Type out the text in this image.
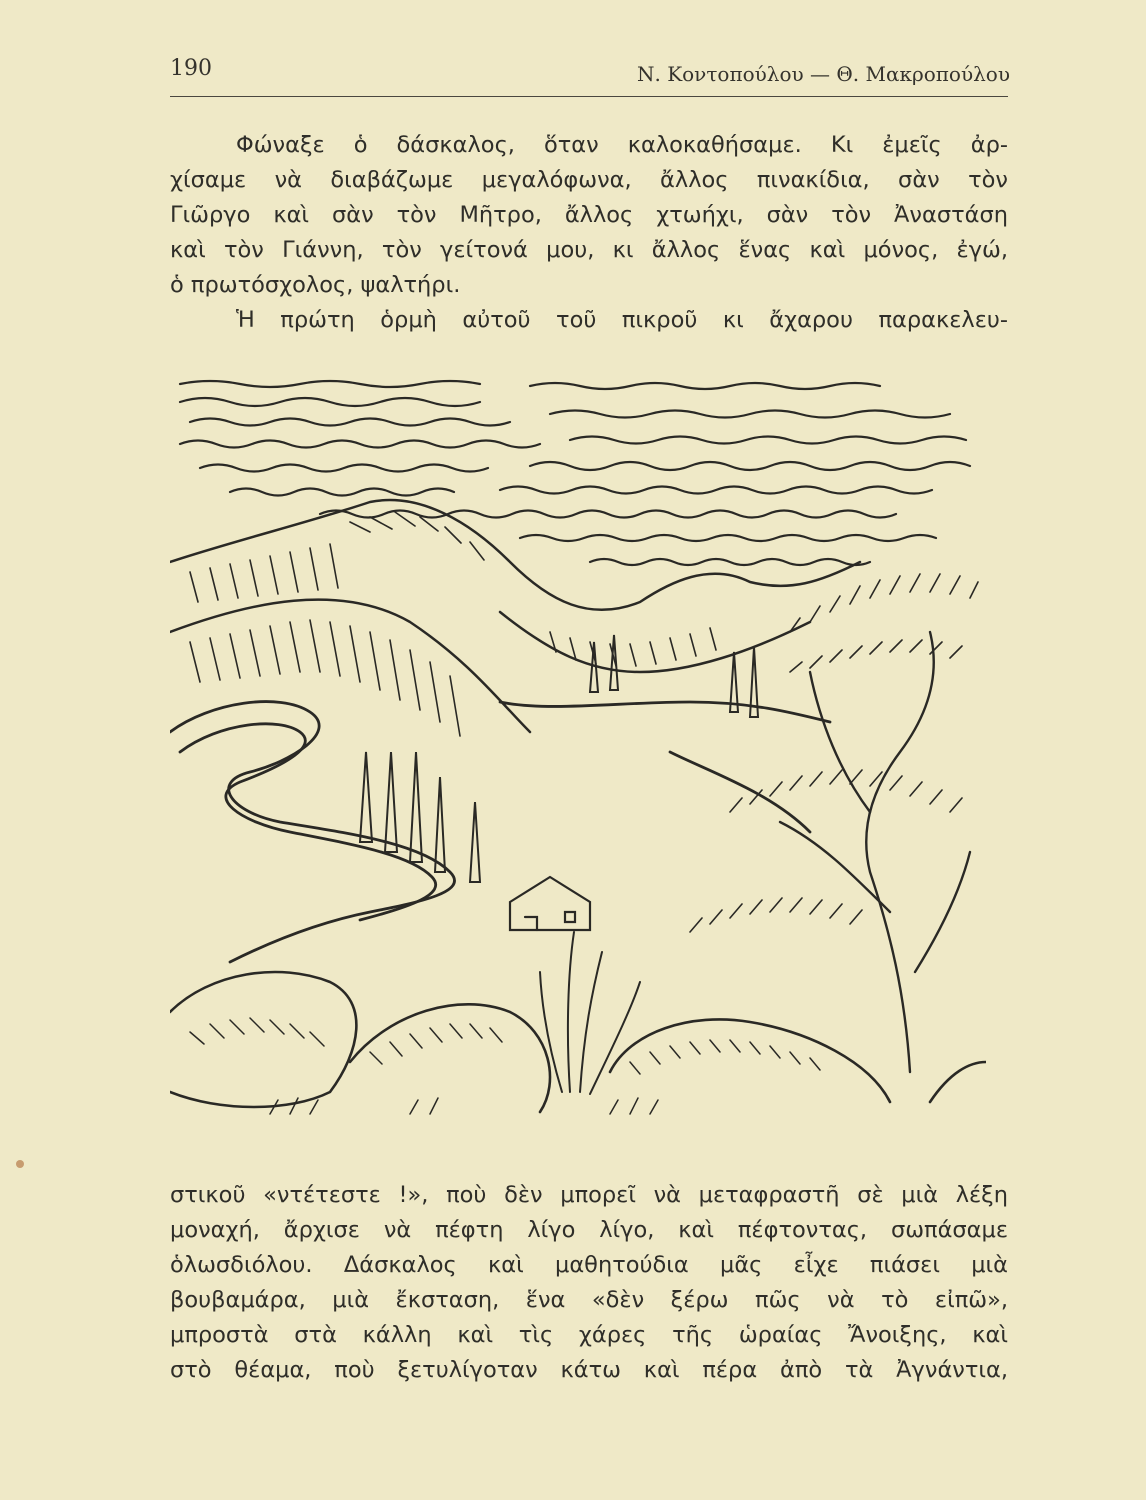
190	Ν. Κοντοπούλου — Θ. Μακροπούλου
Φώναξε ὁ δάσκαλος, ὅταν καλοκαθήσαμε. Κι ἐμεῖς ἀρ-
χίσαμε νὰ διαβάζωμε μεγαλόφωνα, ἄλλος πινακίδια, σὰν τὸν
Γιῶργο καὶ σὰν τὸν Μῆτρο, ἄλλος χτωήχι, σὰν τὸν Ἀναστάση
καὶ τὸν Γιάννη, τὸν γείτονά μου, κι ἄλλος ἕνας καὶ μόνος, ἐγώ,
ὁ πρωτόσχολος, ψαλτήρι.
Ἡ πρώτη ὁρμὴ αὐτοῦ τοῦ πικροῦ κι ἄχαρου παρακελευ-
στικοῦ «ντέτεστε !», ποὺ δὲν μπορεῖ νὰ μεταφραστῆ σὲ μιὰ λέξη
μοναχή, ἄρχισε νὰ πέφτη λίγο λίγο, καὶ πέφτοντας, σωπάσαμε
ὁλωσδιόλου. Δάσκαλος καὶ μαθητούδια μᾶς εἶχε πιάσει μιὰ
βουβαμάρα, μιὰ ἔκσταση, ἕνα «δὲν ξέρω πῶς νὰ τὸ εἰπῶ»,
μπροστὰ στὰ κάλλη καὶ τὶς χάρες τῆς ὡραίας Ἄνοιξης, καὶ
στὸ θέαμα, ποὺ ξετυλίγοταν κάτω καὶ πέρα ἀπὸ τὰ Ἀγνάντια,
